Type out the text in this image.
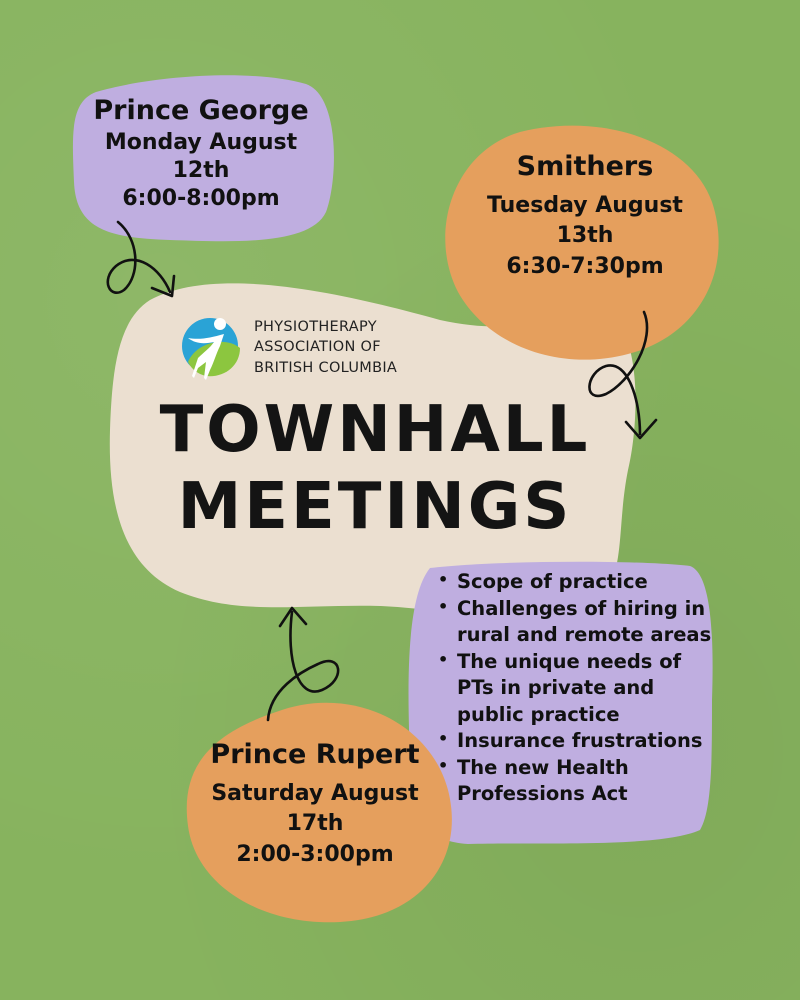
Prince George
Monday August
12th
6:00-8:00pm
Smithers
Tuesday August
13th
6:30-7:30pm
PHYSIOTHERAPY
ASSOCIATION OF
BRITISH COLUMBIA
TOWNHALL
MEETINGS
• Scope of practice
• Challenges of hiring in rural and remote areas
• The unique needs of PTs in private and public practice
• Insurance frustrations
• The new Health Professions Act
Prince Rupert
Saturday August
17th
2:00-3:00pm
